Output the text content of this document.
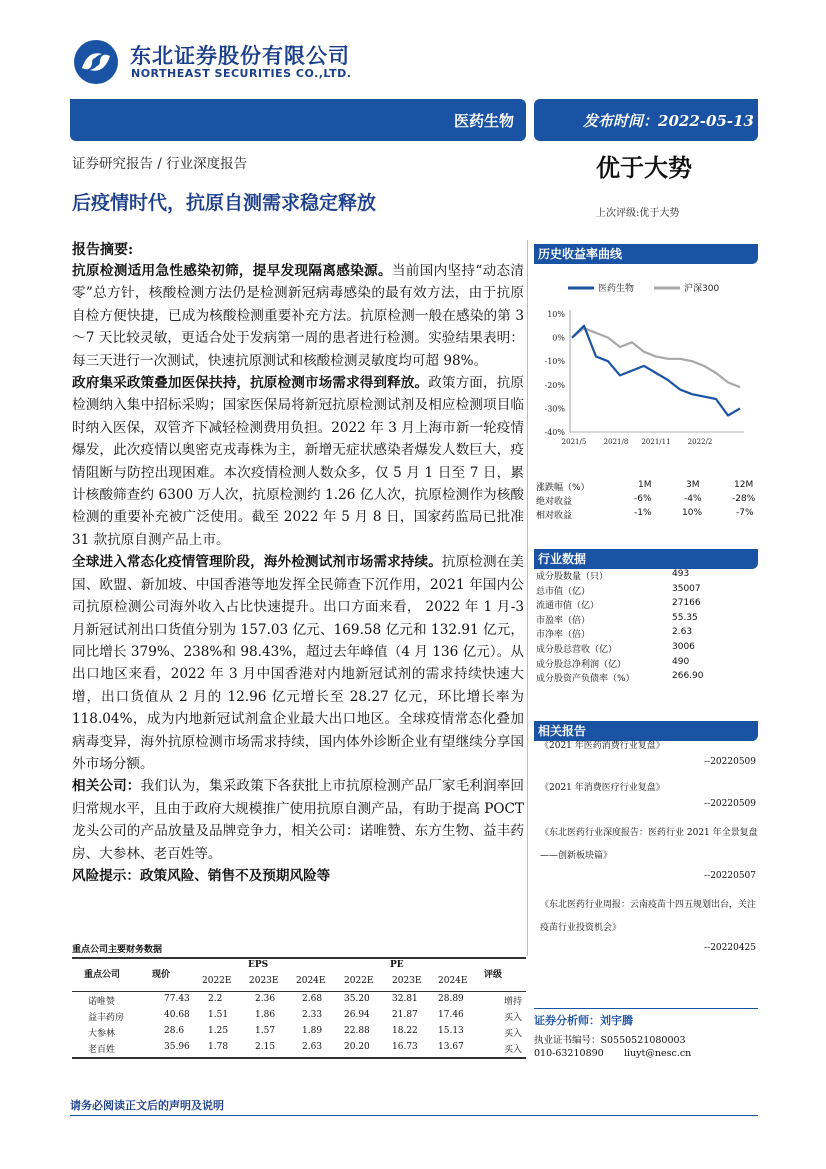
东北证券股份有限公司
NORTHEAST SECURITIES CO.,LTD.
医药生物	发布时间：2022-05-13
证券研究报告 / 行业深度报告	优于大势
后疫情时代，抗原自测需求稳定释放	上次评级:优于大势
报告摘要:

抗原检测适用急性感染初筛，提早发现隔离感染源。当前国内坚持“动态清零”总方针，核酸检测方法仍是检测新冠病毒感染的最有效方法，由于抗原自检方便快捷，已成为核酸检测重要补充方法。抗原检测一般在感染的第 3～7 天比较灵敏，更适合处于发病第一周的患者进行检测。实验结果表明：每三天进行一次测试，快速抗原测试和核酸检测灵敏度均可超 98%。

政府集采政策叠加医保扶持，抗原检测市场需求得到释放。政策方面，抗原检测纳入集中招标采购；国家医保局将新冠抗原检测试剂及相应检测项目临时纳入医保，双管齐下减轻检测费用负担。2022 年 3 月上海市新一轮疫情爆发，此次疫情以奥密克戎毒株为主，新增无症状感染者爆发人数巨大，疫情阻断与防控出现困难。本次疫情检测人数众多，仅 5 月 1 日至 7 日，累计核酸筛查约 6300 万人次，抗原检测约 1.26 亿人次，抗原检测作为核酸检测的重要补充被广泛使用。截至 2022 年 5 月 8 日，国家药监局已批准 31 款抗原自测产品上市。

全球进入常态化疫情管理阶段，海外检测试剂市场需求持续。抗原检测在美国、欧盟、新加坡、中国香港等地发挥全民筛查下沉作用，2021 年国内公司抗原检测公司海外收入占比快速提升。出口方面来看， 2022 年 1 月-3 月新冠试剂出口货值分别为 157.03 亿元、169.58 亿元和 132.91 亿元，同比增长 379%、238%和 98.43%，超过去年峰值（4 月 136 亿元）。从出口地区来看，2022 年 3 月中国香港对内地新冠试剂的需求持续快速大增，出口货值从 2 月的 12.96 亿元增长至 28.27 亿元，环比增长率为 118.04%，成为内地新冠试剂盒企业最大出口地区。全球疫情常态化叠加病毒变异，海外抗原检测市场需求持续，国内体外诊断企业有望继续分享国外市场分额。

相关公司：我们认为，集采政策下各获批上市抗原检测产品厂家毛利润率回归常规水平，且由于政府大规模推广使用抗原自测产品，有助于提高 POCT 龙头公司的产品放量及品牌竞争力，相关公司：诺唯赞、东方生物、益丰药房、大参林、老百姓等。

风险提示：政策风险、销售不及预期风险等

历史收益率曲线
医药生物	沪深300
10%
0%
-10%
-20%
-30%
-40%
2021/5 2021/8 2021/11 2022/2
涨跌幅（%）	1M	3M	12M
绝对收益	-6%	-4%	-28%
相对收益	-1%	10%	-7%
行业数据
成分股数量（只）	493
总市值（亿）	35007
流通市值（亿）	27166
市盈率（倍）	55.35
市净率（倍）	2.63
成分股总营收（亿）	3006
成分股总净利润（亿）	490
成分股资产负债率（%）	266.90
相关报告
《2021 年医药消费行业复盘》
--20220509
《2021 年消费医疗行业复盘》
--20220509
《东北医药行业深度报告：医药行业 2021 年全景复盘——创新板块篇》
--20220507
《东北医药行业周报：云南疫苗十四五规划出台，关注疫苗行业投资机会》
--20220425
证券分析师：刘宇腾
执业证书编号：S0550521080003
010-63210890 liuyt@nesc.cn
重点公司主要财务数据
重点公司	现价
EPS	PE
评级
2022E 2023E 2024E 2022E 2023E 2024E
诺唯赞	77.43 2.2	2.36	2.68 35.20 32.81 28.89	增持
益丰药房	40.68 1.51	1.86	2.33 26.94 21.87 17.46	买入
大参林	28.6	1.25	1.57	1.89 22.88 18.22 15.13	买入
老百姓	35.96 1.78	2.15	2.63 20.20 16.73 13.67	买入
请务必阅读正文后的声明及说明
